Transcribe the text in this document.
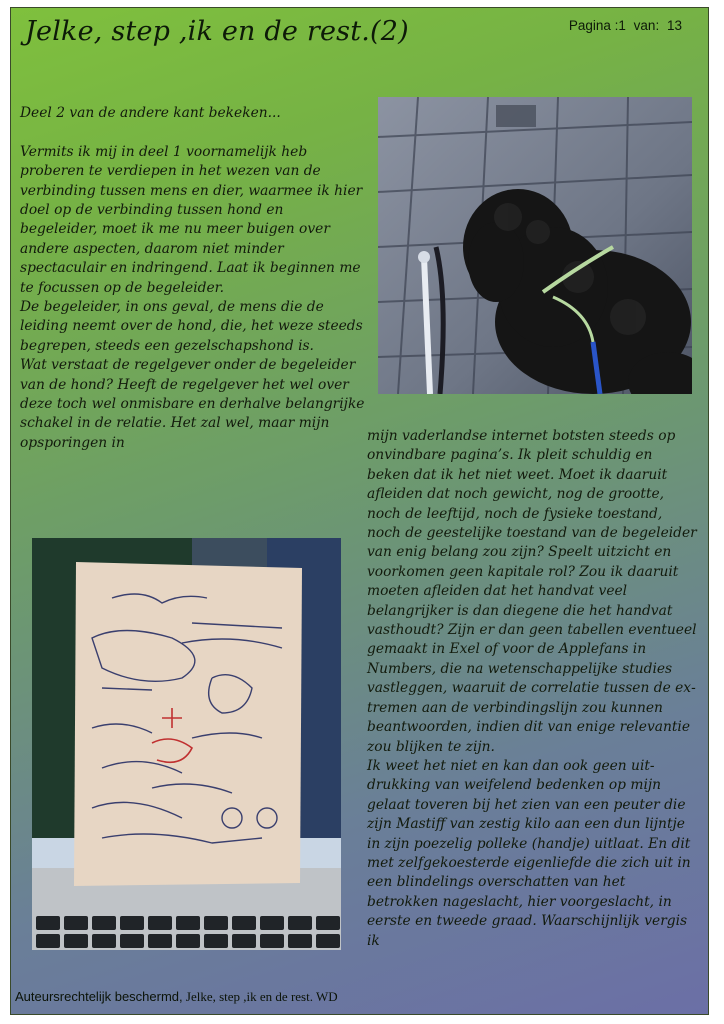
Jelke, step ,ik en de rest.(2)	Pagina :1 van: 13

Deel 2 van de andere kant bekeken...

Vermits ik mij in deel 1 voornamelijk heb proberen te verdiepen in het wezen van de verbinding tussen mens en dier, waarmee ik hier doel op de verbinding tussen hond en begeleider, moet ik me nu meer buigen over andere aspecten, daarom niet minder spectaculair en indringend. Laat ik beginnen me te focussen op de begeleider.

De begeleider, in ons geval, de mens die de leiding neemt over de hond, die, het weze steeds begrepen, steeds een gezelschapshond is.

Wat verstaat de regelgever onder de begeleider van de hond? Heeft de regelgever het wel over deze toch wel onmisbare en derhalve belangrijke schakel in de relatie. Het zal wel, maar mijn opsporingen in	mijn vaderlandse internet botsten steeds op onvindbare pagina’s. Ik pleit schuldig en beken dat ik het niet weet. Moet ik daaruit afleiden dat noch gewicht, nog de grootte, noch de leeftijd, noch de fysieke toestand, noch de geestelijke toestand van de begeleider van enig belang zou zijn? Speelt uitzicht en voorkomen geen kapitale rol? Zou ik daaruit moeten afleiden dat het handvat veel belangrijker is dan diegene die het handvat vasthoudt? Zijn er dan geen tabellen eventueel gemaakt in Exel of voor de Applefans in Numbers, die na wetenschappelijke studies vastleggen, waaruit de correlatie tussen de extremen aan de verbindingslijn zou kunnen beantwoorden, indien dit van enige relevantie zou blijken te zijn.

Ik weet het niet en kan dan ook geen uitdrukking van weifelend bedenken op mijn gelaat toveren bij het zien van een peuter die zijn Mastiff van zestig kilo aan een dun lijntje in zijn poezelig polleke (handje) uitlaat. En dit met zelfgekoesterde eigenliefde die zich uit in een blindelings overschatten van het betrokken nageslacht, hier voorgeslacht, in eerste en tweede graad. Waarschijnlijk vergis ik

Auteursrechtelijk beschermd, Jelke, step ,ik en de rest. WD
